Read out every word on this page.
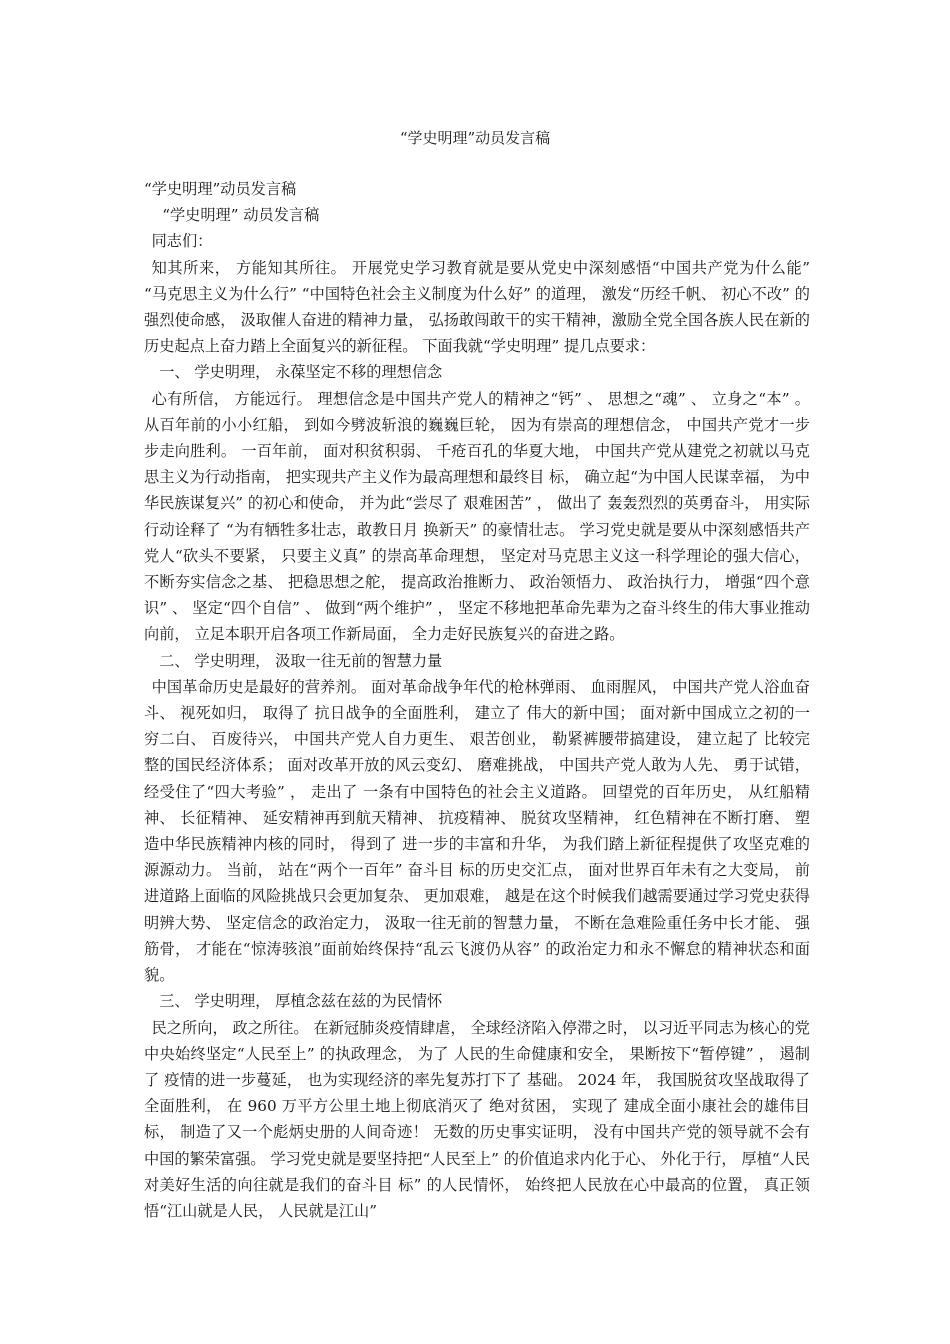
“学史明理”动员发言稿

“学史明理”动员发言稿

“学史明理” 动员发言稿

同志们：

知其所来， 方能知其所往。 开展党史学习教育就是要从党史中深刻感悟“中国共产党为什么能” “马克思主义为什么行” “中国特色社会主义制度为什么好” 的道理， 激发“历经千帆、 初心不改” 的强烈使命感， 汲取催人奋进的精神力量， 弘扬敢闯敢干的实干精神，激励全党全国各族人民在新的历史起点上奋力踏上全面复兴的新征程。 下面我就“学史明理” 提几点要求：

一、 学史明理， 永葆坚定不移的理想信念

心有所信， 方能远行。 理想信念是中国共产党人的精神之“钙” 、 思想之“魂” 、 立身之“本” 。 从百年前的小小红船， 到如今劈波斩浪的巍巍巨轮， 因为有崇高的理想信念， 中国共产党才一步步走向胜利。 一百年前， 面对积贫积弱、 千疮百孔的华夏大地， 中国共产党从建党之初就以马克思主义为行动指南， 把实现共产主义作为最高理想和最终目 标， 确立起“为中国人民谋幸福， 为中华民族谋复兴” 的初心和使命， 并为此“尝尽了 艰难困苦” ， 做出了 轰轰烈烈的英勇奋斗， 用实际行动诠释了 “为有牺牲多壮志，敢教日月 换新天” 的豪情壮志。 学习党史就是要从中深刻感悟共产党人“砍头不要紧， 只要主义真” 的崇高革命理想， 坚定对马克思主义这一科学理论的强大信心， 不断夯实信念之基、 把稳思想之舵， 提高政治推断力、 政治领悟力、 政治执行力， 增强“四个意识” 、 坚定“四个自信” 、 做到“两个维护” ， 坚定不移地把革命先辈为之奋斗终生的伟大事业推动向前， 立足本职开启各项工作新局面， 全力走好民族复兴的奋进之路。

二、 学史明理， 汲取一往无前的智慧力量

中国革命历史是最好的营养剂。 面对革命战争年代的枪林弹雨、 血雨腥风， 中国共产党人浴血奋斗、 视死如归， 取得了 抗日战争的全面胜利， 建立了 伟大的新中国； 面对新中国成立之初的一穷二白、 百废待兴， 中国共产党人自力更生、 艰苦创业， 勒紧裤腰带搞建设， 建立起了 比较完整的国民经济体系； 面对改革开放的风云变幻、 磨难挑战， 中国共产党人敢为人先、 勇于试错， 经受住了“四大考验” ， 走出了 一条有中国特色的社会主义道路。 回望党的百年历史， 从红船精神、 长征精神、 延安精神再到航天精神、 抗疫精神、 脱贫攻坚精神， 红色精神在不断打磨、 塑造中华民族精神内核的同时， 得到了 进一步的丰富和升华， 为我们踏上新征程提供了攻坚克难的源源动力。 当前， 站在“两个一百年” 奋斗目 标的历史交汇点， 面对世界百年未有之大变局， 前进道路上面临的风险挑战只会更加复杂、 更加艰难， 越是在这个时候我们越需要通过学习党史获得明辨大势、 坚定信念的政治定力， 汲取一往无前的智慧力量， 不断在急难险重任务中长才能、 强筋骨， 才能在“惊涛骇浪”面前始终保持“乱云飞渡仍从容” 的政治定力和永不懈怠的精神状态和面貌。

三、 学史明理， 厚植念兹在兹的为民情怀

民之所向， 政之所往。 在新冠肺炎疫情肆虐， 全球经济陷入停滞之时， 以习近平同志为核心的党中央始终坚定“人民至上” 的执政理念， 为了 人民的生命健康和安全， 果断按下“暂停键” ， 遏制了 疫情的进一步蔓延， 也为实现经济的率先复苏打下了 基础。 2024 年， 我国脱贫攻坚战取得了 全面胜利， 在 960 万平方公里土地上彻底消灭了 绝对贫困， 实现了 建成全面小康社会的雄伟目 标， 制造了又一个彪炳史册的人间奇迹！ 无数的历史事实证明， 没有中国共产党的领导就不会有中国的繁荣富强。 学习党史就是要坚持把“人民至上” 的价值追求内化于心、 外化于行， 厚植“人民对美好生活的向往就是我们的奋斗目 标” 的人民情怀， 始终把人民放在心中最高的位置， 真正领悟“江山就是人民， 人民就是江山”
